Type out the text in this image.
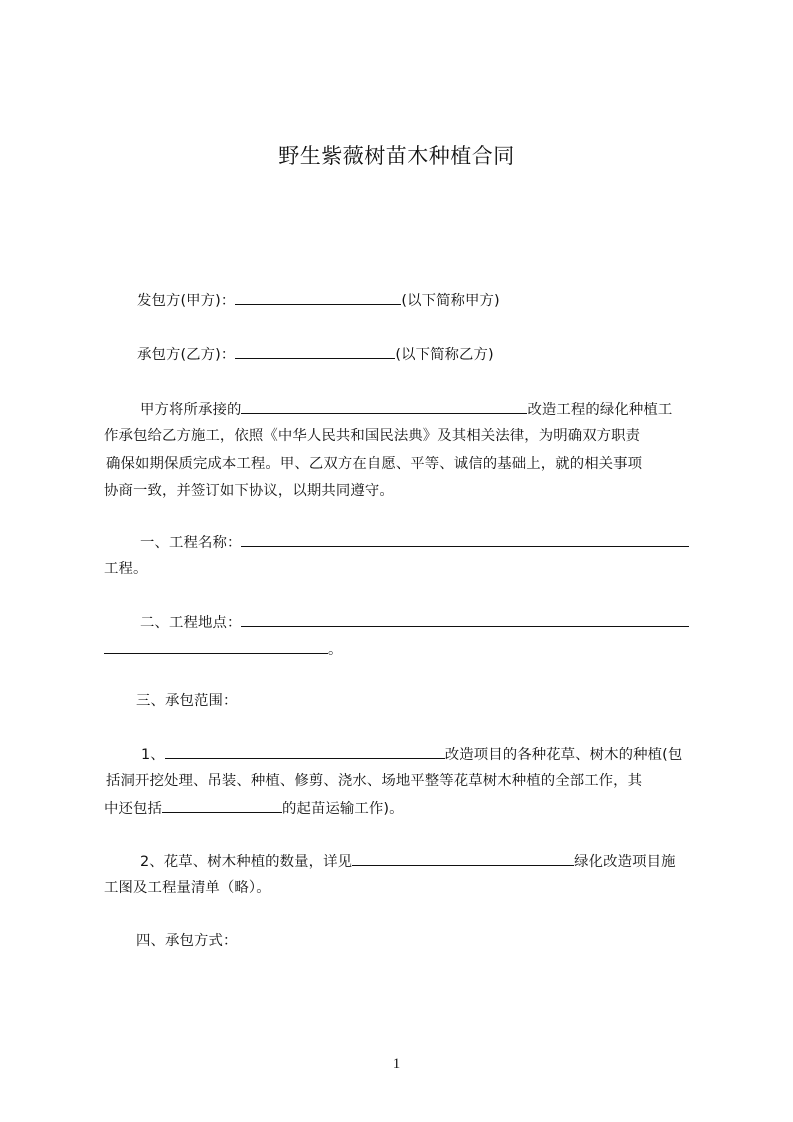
野生紫薇树苗木种植合同

发包方(甲方)：	(以下简称甲方)

承包方(乙方)：	(以下简称乙方)

甲方将所承接的	改造工程的绿化种植工

作承包给乙方施工，依照《中华人民共和国民法典》及其相关法律，为明确双方职责

确保如期保质完成本工程。甲、乙双方在自愿、平等、诚信的基础上，就的相关事项

协商一致，并签订如下协议，以期共同遵守。

一、工程名称：

工程。

二、工程地点：

。

三、承包范围：

1、	改造项目的各种花草、树木的种植(包

括洞开挖处理、吊装、种植、修剪、浇水、场地平整等花草树木种植的全部工作，其

中还包括	的起苗运输工作)。

2、花草、树木种植的数量，详见	绿化改造项目施

工图及工程量清单（略）。

四、承包方式：

1
